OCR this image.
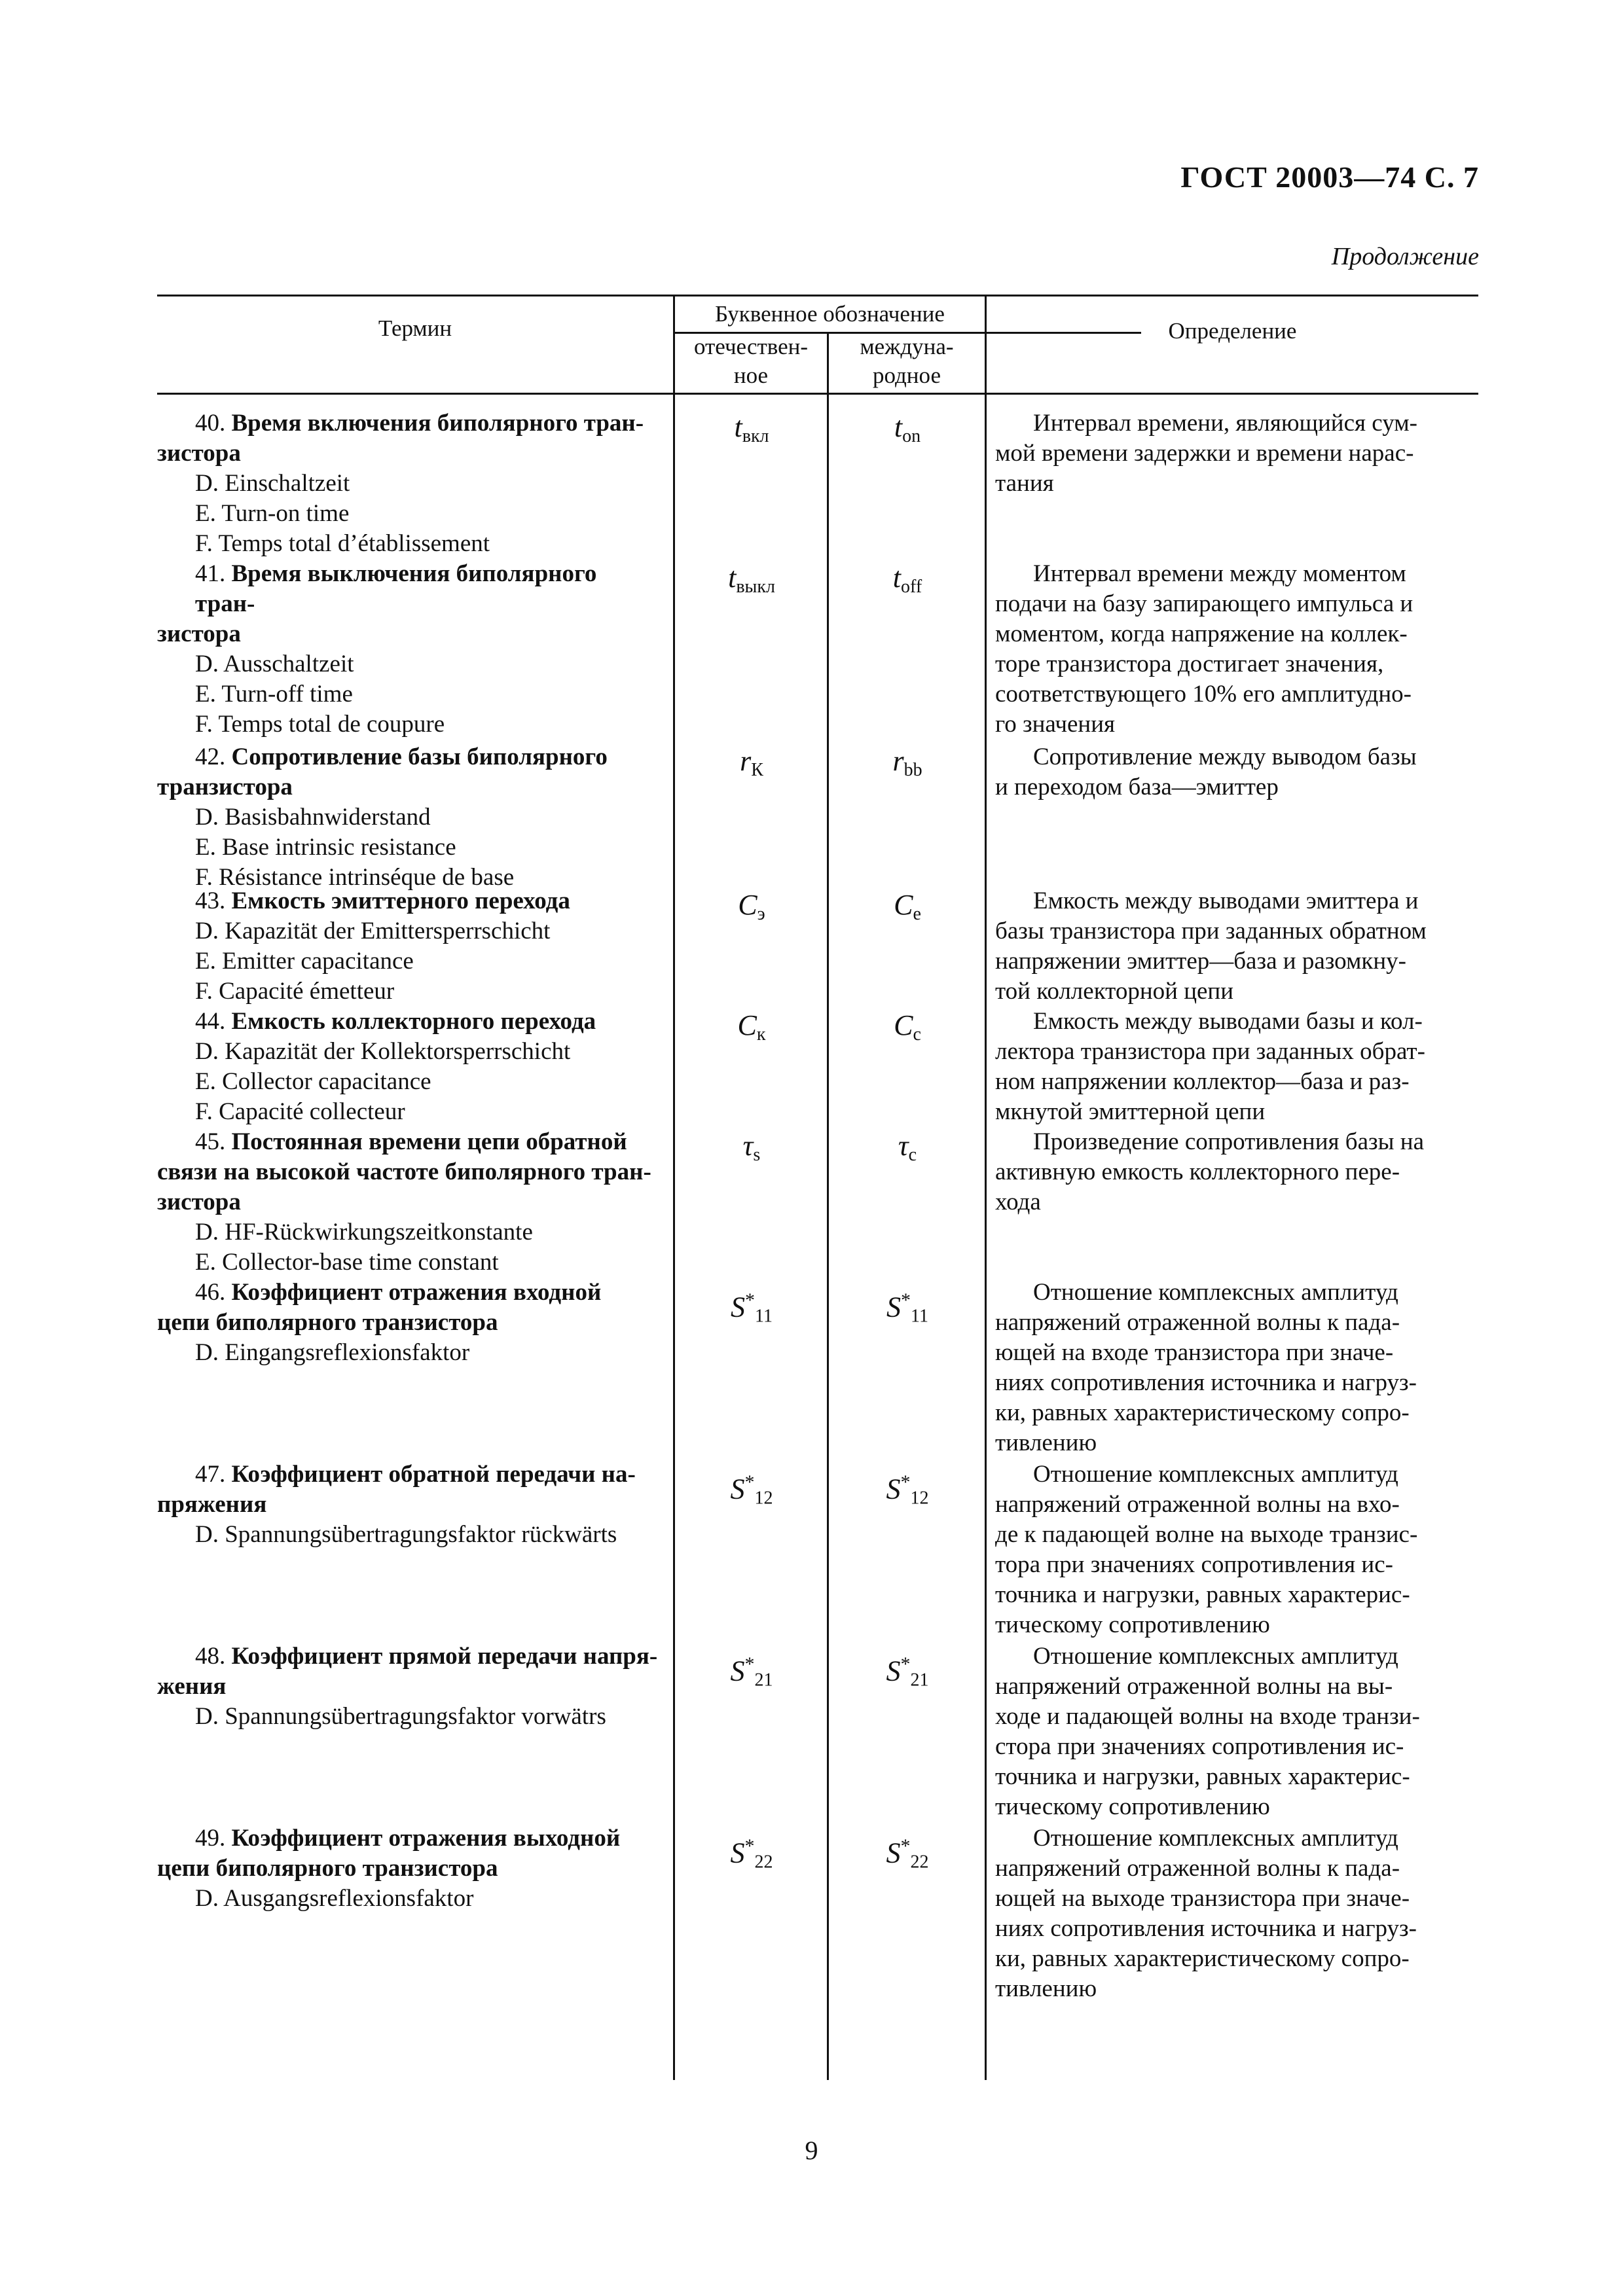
ГОСТ 20003—74 С. 7
Продолжение
Термин
Буквенное обозначение
отечествен-
ное
междуна-
родное
Определение
40. Время включения биполярного тран-
зистора
D. Einschaltzeit
E. Turn-on time
F. Temps total d’établissement
$t_{вкл}$	$t_{on}$	Интервал времени, являющийся сум-
мой времени задержки и времени нарас-
тания
41. Время выключения биполярного тран-
зистора
D. Ausschaltzeit
E. Turn-off time
F. Temps total de coupure
$t_{выкл}$	$t_{off}$	Интервал времени между моментом
подачи на базу запирающего импульса и
моментом, когда напряжение на коллек-
торе транзистора достигает значения,
соответствующего 10% его амплитудно-
го значения
42. Сопротивление базы биполярного
транзистора
D. Basisbahnwiderstand
E. Base intrinsic resistance
F. Résistance intrinséque de base
$r_К$	$r_{bb}$	Сопротивление между выводом базы
и переходом база—эмиттер
43. Емкость эмиттерного перехода
D. Kapazität der Emittersperrschicht
E. Emitter capacitance
F. Capacité émetteur
$C_э$	$C_e$	Емкость между выводами эмиттера и
базы транзистора при заданных обратном
напряжении эмиттер—база и разомкну-
той коллекторной цепи
44. Емкость коллекторного перехода
D. Kapazität der Kollektorsperrschicht
E. Collector capacitance
F. Capacité collecteur
$C_к$	$C_c$	Емкость между выводами базы и кол-
лектора транзистора при заданных обрат-
ном напряжении коллектор—база и раз-
мкнутой эмиттерной цепи
45. Постоянная времени цепи обратной
связи на высокой частоте биполярного тран-
зистора
D. HF-Rückwirkungszeitkonstante
E. Collector-base time constant
$\tau_s$	$\tau_c$	Произведение сопротивления базы на
активную емкость коллекторного пере-
хода
46. Коэффициент отражения входной
цепи биполярного транзистора
D. Eingangsreflexionsfaktor
$S^*_{11}$	$S^*_{11}$
Отношение комплексных амплитуд
напряжений отраженной волны к пада-
ющей на входе транзистора при значе-
ниях сопротивления источника и нагруз-
ки, равных характеристическому сопро-
тивлению
47. Коэффициент обратной передачи на-
пряжения
D. Spannungsübertragungsfaktor rückwärts
$S^*_{12}$	$S^*_{12}$
Отношение комплексных амплитуд
напряжений отраженной волны на вхо-
де к падающей волне на выходе транзис-
тора при значениях сопротивления ис-
точника и нагрузки, равных характерис-
тическому сопротивлению
48. Коэффициент прямой передачи напря-
жения
D. Spannungsübertragungsfaktor vorwätrs
$S^*_{21}$	$S^*_{21}$
Отношение комплексных амплитуд
напряжений отраженной волны на вы-
ходе и падающей волны на входе транзи-
стора при значениях сопротивления ис-
точника и нагрузки, равных характерис-
тическому сопротивлению
49. Коэффициент отражения выходной
цепи биполярного транзистора
D. Ausgangsreflexionsfaktor
$S^*_{22}$	$S^*_{22}$
Отношение комплексных амплитуд
напряжений отраженной волны к пада-
ющей на выходе транзистора при значе-
ниях сопротивления источника и нагруз-
ки, равных характеристическому сопро-
тивлению
9
